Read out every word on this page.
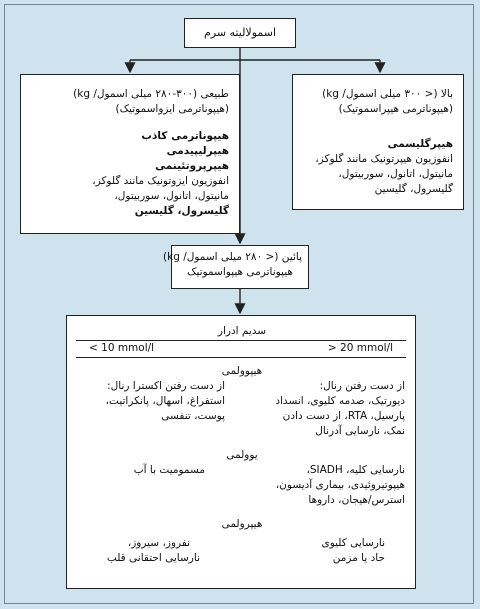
اسمولالیته سرم
بالا (< ۳۰۰ میلی اسمول/ kg)
(هیپوناترمی هیپراسموتیک)
هیپرگلیسمی
انفوزیون هیپرتونیک مانند گلوکز،
مانیتول، اتانول، سوربیتول،
گلیسرول، گلیسین
طبیعی (۳۰۰-۲۸۰ میلی اسمول/ kg)
(هیپوناترمی ایزواسموتیک)
هیپوناترمی کاذب
هیپرلیپیدمی
هیپرپروتئینمی
انفوزیون ایزوتونیک مانند گلوکز،
مانیتول، اتانول، سوربیتول،
گلیسرول، گلیسین
پائین (< ۲۸۰ میلی اسمول/ kg)
هیپوناترمی هیپواسموتیک
سدیم ادرار
< 10 mmol/l	> 20 mmol/l
هیپوولمی
از دست رفتن رنال:
دیورتیک، صدمه کلیوی، انسداد
پارسیل، RTA، از دست دادن
نمک، نارسایی آدرنال
از دست رفتن اکسترا رنال:
استفراغ، اسهال، پانکراتیت،
پوست، تنفسی
یوولمی
نارسایی کلیه، SIADH،
هیپوتیروئیدی، بیماری آدیسون،
استرس/هیجان، داروها
مسمومیت با آب
هیپرولمی
نارسایی کلیوی
حاد یا مزمن
نفروز، سیروز،
نارسایی احتقانی قلب
